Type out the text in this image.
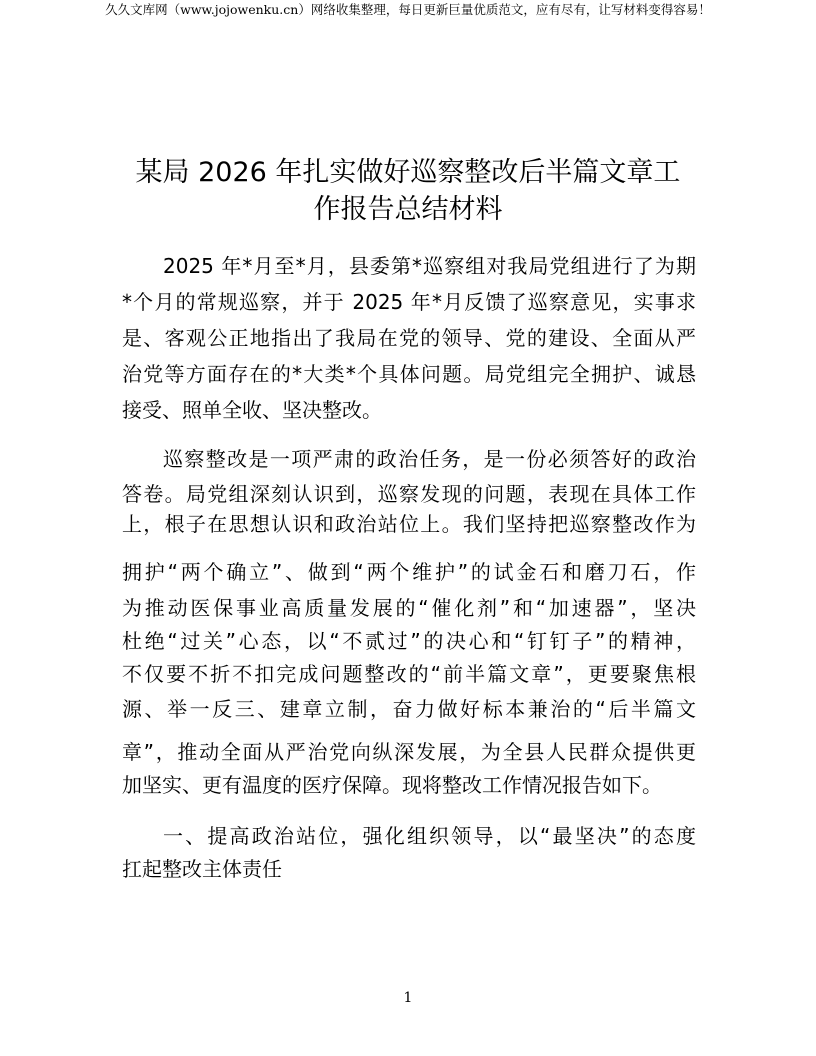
久久文库网（www.jojowenku.cn）网络收集整理，每日更新巨量优质范文，应有尽有，让写材料变得容易！
某局 2026 年扎实做好巡察整改后半篇文章工
作报告总结材料
2025 年*月至*月，县委第*巡察组对我局党组进行了为期
*个月的常规巡察，并于 2025 年*月反馈了巡察意见，实事求
是、客观公正地指出了我局在党的领导、党的建设、全面从严
治党等方面存在的*大类*个具体问题。局党组完全拥护、诚恳
接受、照单全收、坚决整改。
巡察整改是一项严肃的政治任务，是一份必须答好的政治
答卷。局党组深刻认识到，巡察发现的问题，表现在具体工作
上，根子在思想认识和政治站位上。我们坚持把巡察整改作为
拥护“两个确立”、做到“两个维护”的试金石和磨刀石，作
为推动医保事业高质量发展的“催化剂”和“加速器”，坚决
杜绝“过关”心态，以“不贰过”的决心和“钉钉子”的精神，
不仅要不折不扣完成问题整改的“前半篇文章”，更要聚焦根
源、举一反三、建章立制，奋力做好标本兼治的“后半篇文
章”，推动全面从严治党向纵深发展，为全县人民群众提供更
加坚实、更有温度的医疗保障。现将整改工作情况报告如下。
一、提高政治站位，强化组织领导，以“最坚决”的态度
扛起整改主体责任
1
